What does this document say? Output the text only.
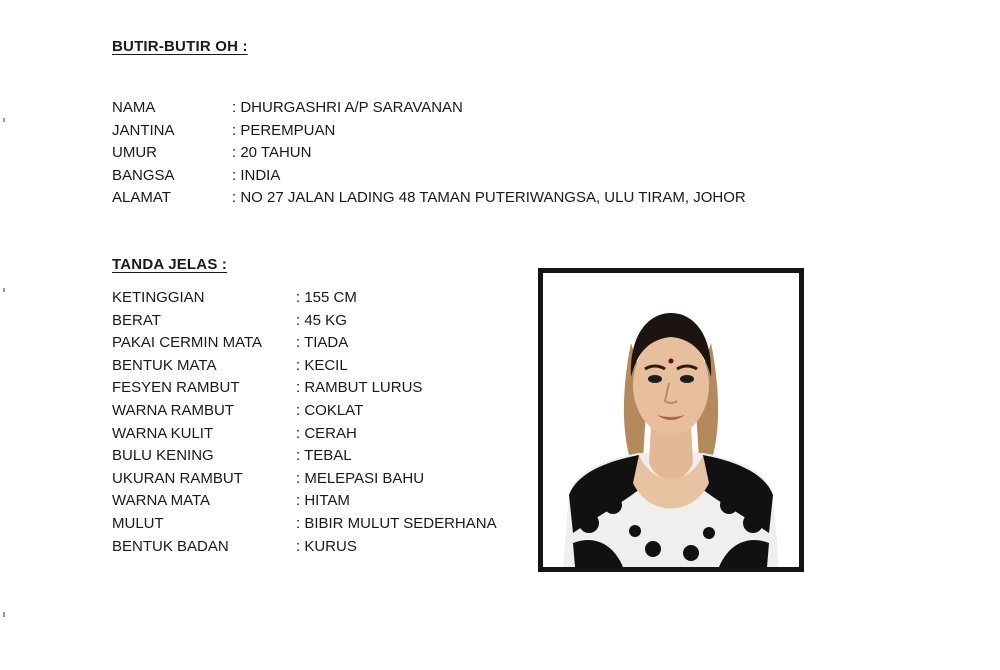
BUTIR-BUTIR OH :
NAMA	: DHURGASHRI A/P SARAVANAN
JANTINA	: PEREMPUAN
UMUR	: 20 TAHUN
BANGSA	: INDIA
ALAMAT	: NO 27 JALAN LADING 48 TAMAN PUTERIWANGSA, ULU TIRAM, JOHOR
TANDA JELAS :
KETINGGIAN	: 155 CM
BERAT	: 45 KG
PAKAI CERMIN MATA : TIADA
BENTUK MATA	: KECIL
FESYEN RAMBUT	: RAMBUT LURUS
WARNA RAMBUT	: COKLAT
WARNA KULIT	: CERAH
BULU KENING	: TEBAL
UKURAN RAMBUT	: MELEPASI BAHU
WARNA MATA	: HITAM
MULUT	: BIBIR MULUT SEDERHANA
BENTUK BADAN	: KURUS
